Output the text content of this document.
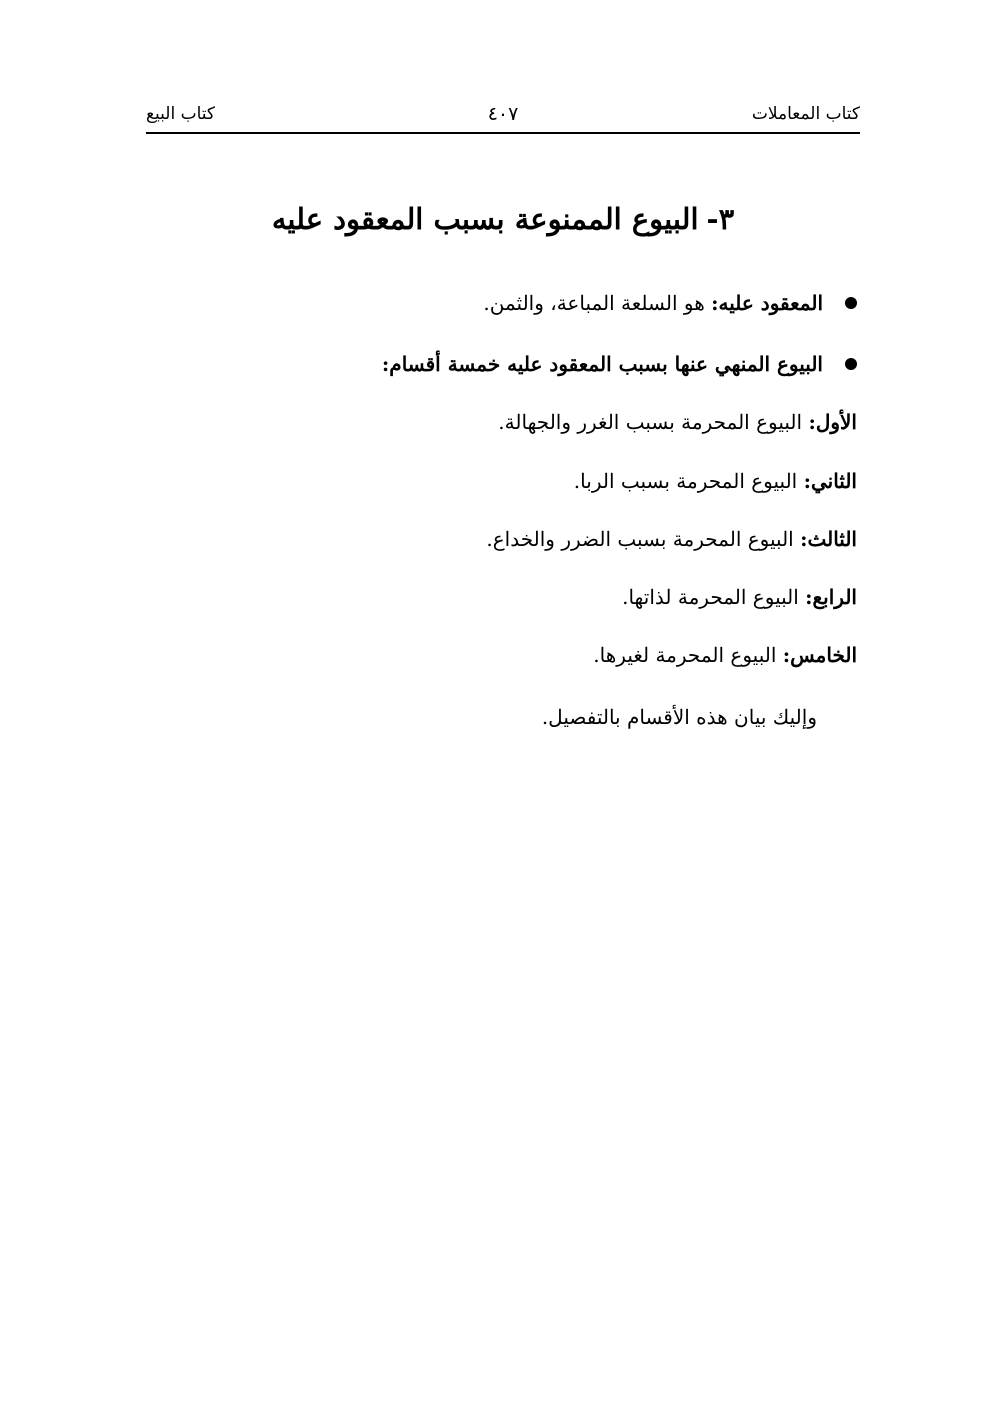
كتاب المعاملات
٤٠٧
كتاب البيع
٣-البيوع الممنوعة بسبب المعقود عليه
المعقود عليه: هو السلعة المباعة، والثمن.
البيوع المنهي عنها بسبب المعقود عليه خمسة أقسام:
الأول: البيوع المحرمة بسبب الغرر والجهالة.
الثاني: البيوع المحرمة بسبب الربا.
الثالث: البيوع المحرمة بسبب الضرر والخداع.
الرابع: البيوع المحرمة لذاتها.
الخامس: البيوع المحرمة لغيرها.
وإليك بيان هذه الأقسام بالتفصيل.
